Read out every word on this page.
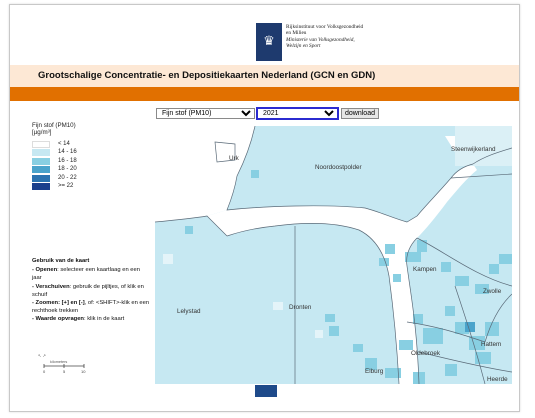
♛
Rijksinstituut voor Volksgezondheid
en Milieu
Ministerie van Volksgezondheid,
Welzijn en Sport
Grootschalige Concentratie- en Depositiekaarten Nederland (GCN en GDN)
Fijn stof (PM10)
2021
download
Fijn stof (PM10)
[µg/m³]
< 14
14 - 16
16 - 18
18 - 20
20 - 22
>= 22
Gebruik van de kaart
- Openen: selecteer een kaartlaag en een jaar
- Verschuiven: gebruik de pijltjes, of klik en schuif
- Zoomen: [+] en [-], of: <SHIFT>-klik en een rechthoek trekken
- Waarde opvragen: klik in de kaart
↖ ↗
kilometers
0	5	10
Urk
Noordoostpolder
Steenwijkerland
Kampen
Lelystad
Dronten
Zwolle
Oldebroek
Hattem
Elburg
Heerde
